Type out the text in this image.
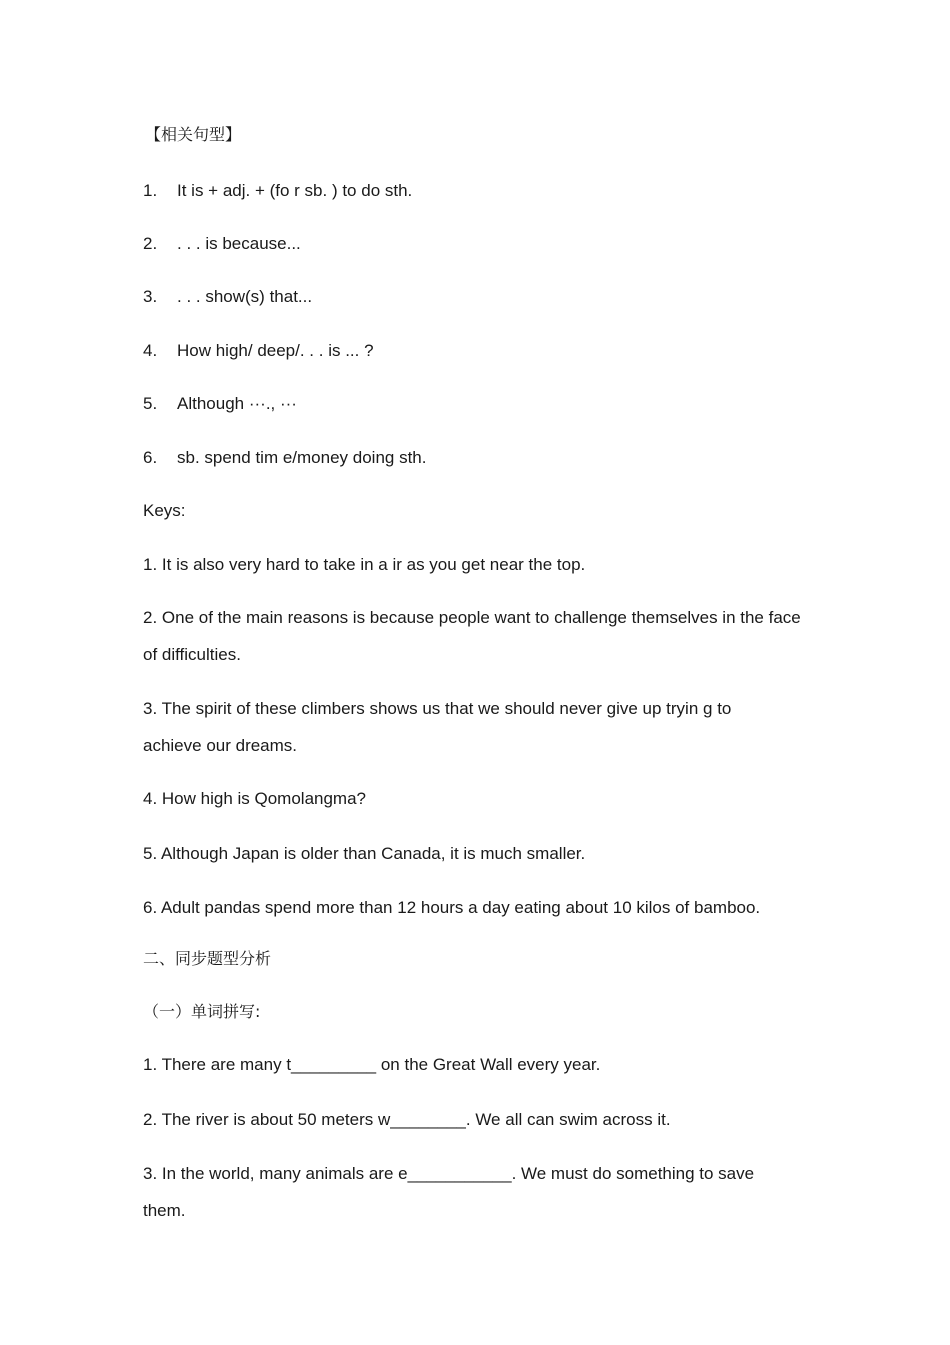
【相关句型】
1. It is + adj. + (fo r sb. ) to do sth.
2. . . . is because...
3. . . . show(s) that...
4. How high/ deep/. . . is ... ?
5. Although ···., ···
6. sb. spend tim e/money doing sth.
Keys:
1. It is also very hard to take in a ir as you get near the top.
2. One of the main reasons is because people want to challenge themselves in the face
of difficulties.
3. The spirit of these climbers shows us that we should never give up tryin g to
achieve our dreams.
4. How high is Qomolangma?
5. Although Japan is older than Canada, it is much smaller.
6. Adult pandas spend more than 12 hours a day eating about 10 kilos of bamboo.
二、同步题型分析
（一）单词拼写:
1. There are many t_________ on the Great Wall every year.
2. The river is about 50 meters w________. We all can swim across it.
3. In the world, many animals are e___________. We must do something to save
them.
